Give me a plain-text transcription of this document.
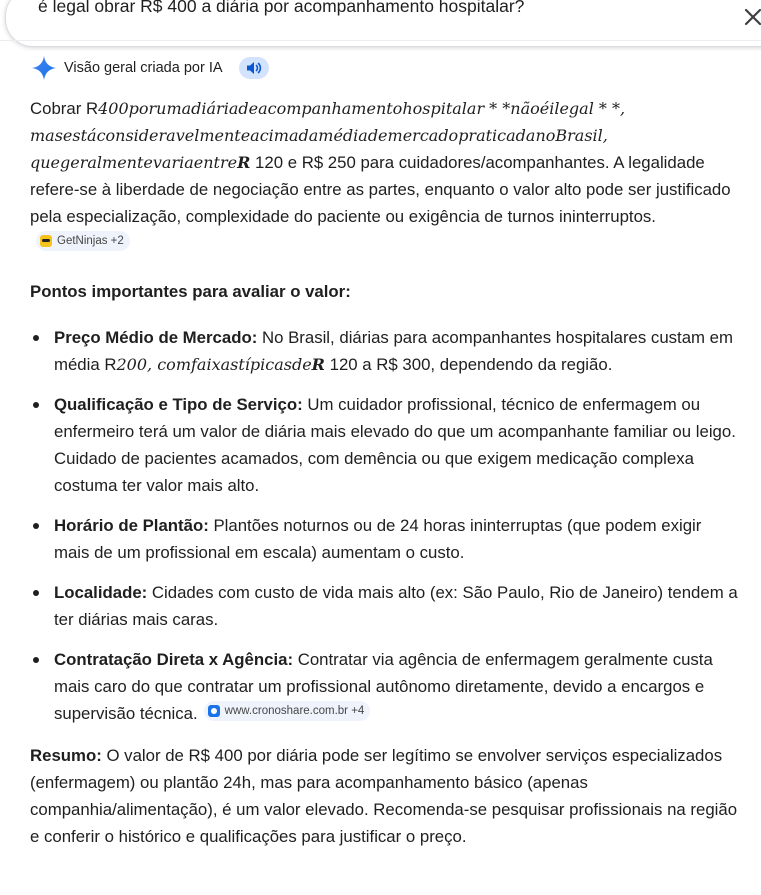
é legal obrar R$ 400 a diária por acompanhamento hospitalar?
Visão geral criada por IA

Cobrar R400porumadiáriadeacompanhamentohospitalar * *nãoéilegal * *, masestáconsideravelmenteacimadamédiademercadopraticadanoBrasil, quegeralmentevariaentreR 120 e R$ 250 para cuidadores/acompanhantes. A legalidade refere-se à liberdade de negociação entre as partes, enquanto o valor alto pode ser justificado pela especialização, complexidade do paciente ou exigência de turnos ininterruptos.
GetNinjas +2

Pontos importantes para avaliar o valor:

Preço Médio de Mercado: No Brasil, diárias para acompanhantes hospitalares custam em média R200, comfaixastípicasdeR 120 a R$ 300, dependendo da região.
Qualificação e Tipo de Serviço: Um cuidador profissional, técnico de enfermagem ou enfermeiro terá um valor de diária mais elevado do que um acompanhante familiar ou leigo. Cuidado de pacientes acamados, com demência ou que exigem medicação complexa costuma ter valor mais alto.
Horário de Plantão: Plantões noturnos ou de 24 horas ininterruptas (que podem exigir mais de um profissional em escala) aumentam o custo.
Localidade: Cidades com custo de vida mais alto (ex: São Paulo, Rio de Janeiro) tendem a ter diárias mais caras.
Contratação Direta x Agência: Contratar via agência de enfermagem geralmente custa mais caro do que contratar um profissional autônomo diretamente, devido a encargos e supervisão técnica. www.cronoshare.com.br +4

Resumo: O valor de R$ 400 por diária pode ser legítimo se envolver serviços especializados (enfermagem) ou plantão 24h, mas para acompanhamento básico (apenas companhia/alimentação), é um valor elevado. Recomenda-se pesquisar profissionais na região e conferir o histórico e qualificações para justificar o preço.
